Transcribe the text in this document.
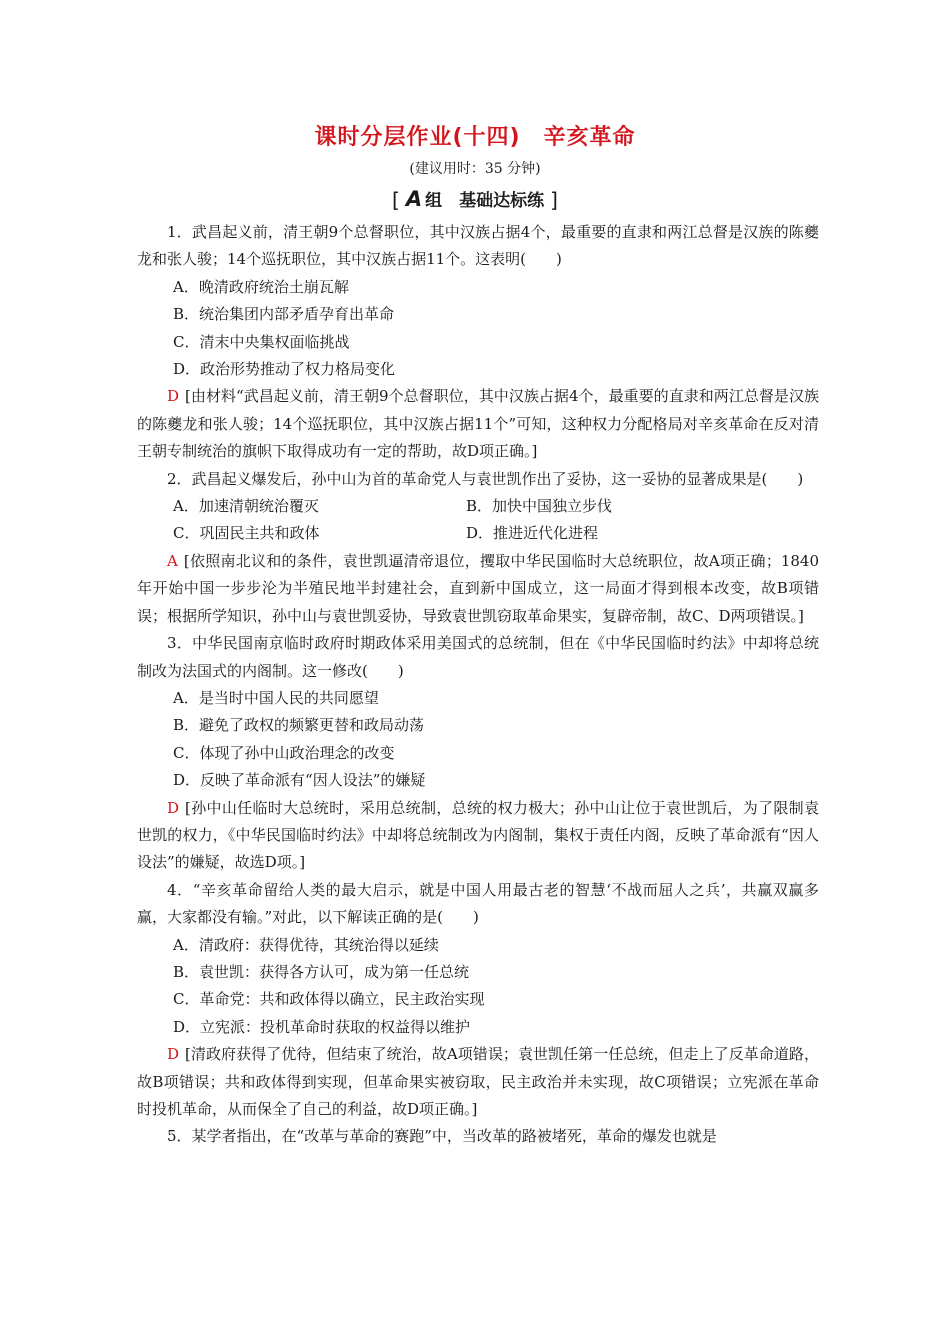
课时分层作业(十四)　辛亥革命
(建议用时：35 分钟)
[ A 组　基础达标练 ]

1．武昌起义前，清王朝9个总督职位，其中汉族占据4个，最重要的直隶和两江总督是汉族的陈夔龙和张人骏；14个巡抚职位，其中汉族占据11个。这表明(　　)

A．晚清政府统治土崩瓦解

B．统治集团内部矛盾孕育出革命

C．清末中央集权面临挑战

D．政治形势推动了权力格局变化

D [由材料“武昌起义前，清王朝9个总督职位，其中汉族占据4个，最重要的直隶和两江总督是汉族的陈夔龙和张人骏；14个巡抚职位，其中汉族占据11个”可知，这种权力分配格局对辛亥革命在反对清王朝专制统治的旗帜下取得成功有一定的帮助，故D项正确。]

2．武昌起义爆发后，孙中山为首的革命党人与袁世凯作出了妥协，这一妥协的显著成果是(　　)

A．加速清朝统治覆灭	B．加快中国独立步伐
C．巩固民主共和政体	D．推进近代化进程

A [依照南北议和的条件，袁世凯逼清帝退位，攫取中华民国临时大总统职位，故A项正确；1840年开始中国一步步沦为半殖民地半封建社会，直到新中国成立，这一局面才得到根本改变，故B项错误；根据所学知识，孙中山与袁世凯妥协，导致袁世凯窃取革命果实，复辟帝制，故C、D两项错误。]

3．中华民国南京临时政府时期政体采用美国式的总统制，但在《中华民国临时约法》中却将总统制改为法国式的内阁制。这一修改(　　)

A．是当时中国人民的共同愿望

B．避免了政权的频繁更替和政局动荡

C．体现了孙中山政治理念的改变

D．反映了革命派有“因人设法”的嫌疑

D [孙中山任临时大总统时，采用总统制，总统的权力极大；孙中山让位于袁世凯后，为了限制袁世凯的权力，《中华民国临时约法》中却将总统制改为内阁制，集权于责任内阁，反映了革命派有“因人设法”的嫌疑，故选D项。]

4．“辛亥革命留给人类的最大启示，就是中国人用最古老的智慧‘不战而屈人之兵’，共赢双赢多赢，大家都没有输。”对此，以下解读正确的是(　　)

A．清政府：获得优待，其统治得以延续

B．袁世凯：获得各方认可，成为第一任总统

C．革命党：共和政体得以确立，民主政治实现

D．立宪派：投机革命时获取的权益得以维护

D [清政府获得了优待，但结束了统治，故A项错误；袁世凯任第一任总统，但走上了反革命道路，故B项错误；共和政体得到实现，但革命果实被窃取，民主政治并未实现，故C项错误；立宪派在革命时投机革命，从而保全了自己的利益，故D项正确。]

5．某学者指出，在“改革与革命的赛跑”中，当改革的路被堵死，革命的爆发也就是
